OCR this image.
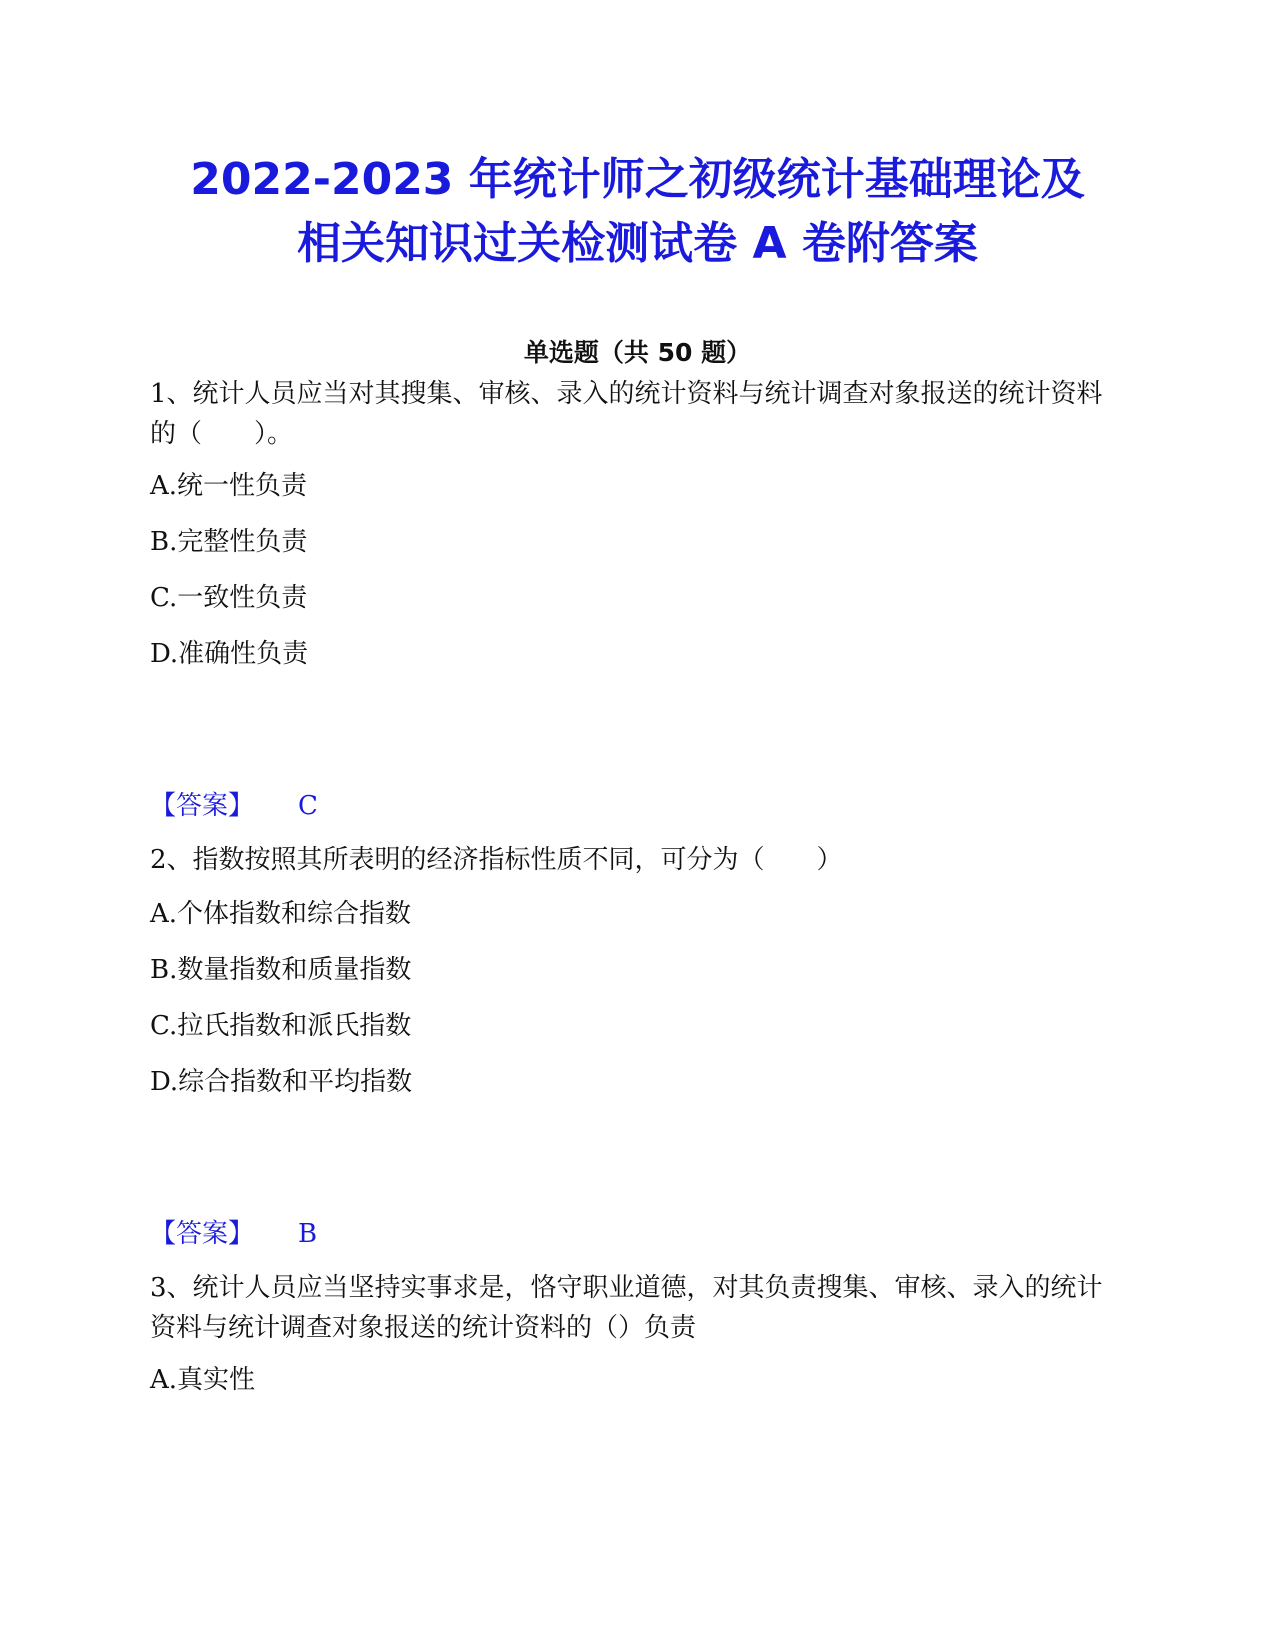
2022-2023 年统计师之初级统计基础理论及
相关知识过关检测试卷 A 卷附答案
单选题（共 50 题）

1、统计人员应当对其搜集、审核、录入的统计资料与统计调查对象报送的统计资料的（　　）。

A.统一性负责
B.完整性负责
C.一致性负责
D.准确性负责
【答案】 C

2、指数按照其所表明的经济指标性质不同，可分为（　　）

A.个体指数和综合指数
B.数量指数和质量指数
C.拉氏指数和派氏指数
D.综合指数和平均指数
【答案】 B

3、统计人员应当坚持实事求是，恪守职业道德，对其负责搜集、审核、录入的统计资料与统计调查对象报送的统计资料的（）负责

A.真实性
